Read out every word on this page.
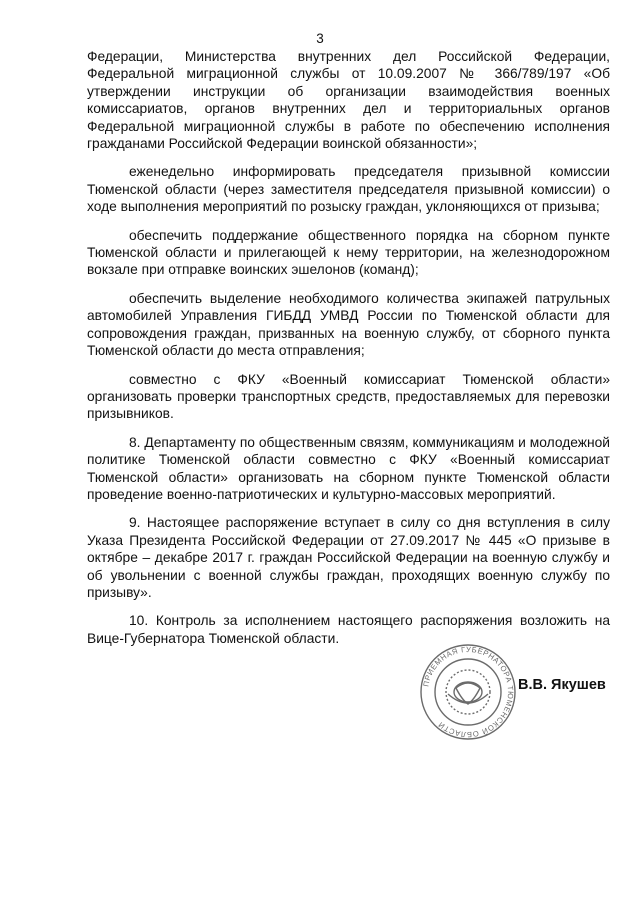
3

Федерации, Министерства внутренних дел Российской Федерации, Федеральной миграционной службы от 10.09.2007 № 366/789/197 «Об утверждении инструкции об организации взаимодействия военных комиссариатов, органов внутренних дел и территориальных органов Федеральной миграционной службы в работе по обеспечению исполнения гражданами Российской Федерации воинской обязанности»;

еженедельно информировать председателя призывной комиссии Тюменской области (через заместителя председателя призывной комиссии) о ходе выполнения мероприятий по розыску граждан, уклоняющихся от призыва;

обеспечить поддержание общественного порядка на сборном пункте Тюменской области и прилегающей к нему территории, на железнодорожном вокзале при отправке воинских эшелонов (команд);

обеспечить выделение необходимого количества экипажей патрульных автомобилей Управления ГИБДД УМВД России по Тюменской области для сопровождения граждан, призванных на военную службу, от сборного пункта Тюменской области до места отправления;

совместно с ФКУ «Военный комиссариат Тюменской области» организовать проверки транспортных средств, предоставляемых для перевозки призывников.

8. Департаменту по общественным связям, коммуникациям и молодежной политике Тюменской области совместно с ФКУ «Военный комиссариат Тюменской области» организовать на сборном пункте Тюменской области проведение военно-патриотических и культурно-массовых мероприятий.

9. Настоящее распоряжение вступает в силу со дня вступления в силу Указа Президента Российской Федерации от 27.09.2017 № 445 «О призыве в октябре – декабре 2017 г. граждан Российской Федерации на военную службу и об увольнении с военной службы граждан, проходящих военную службу по призыву».

10. Контроль за исполнением настоящего распоряжения возложить на Вице-Губернатора Тюменской области.

ПРИЕМНАЯ ГУБЕРНАТОРА ТЮМЕНСКОЙ ОБЛАСТИ
В.В. Якушев
